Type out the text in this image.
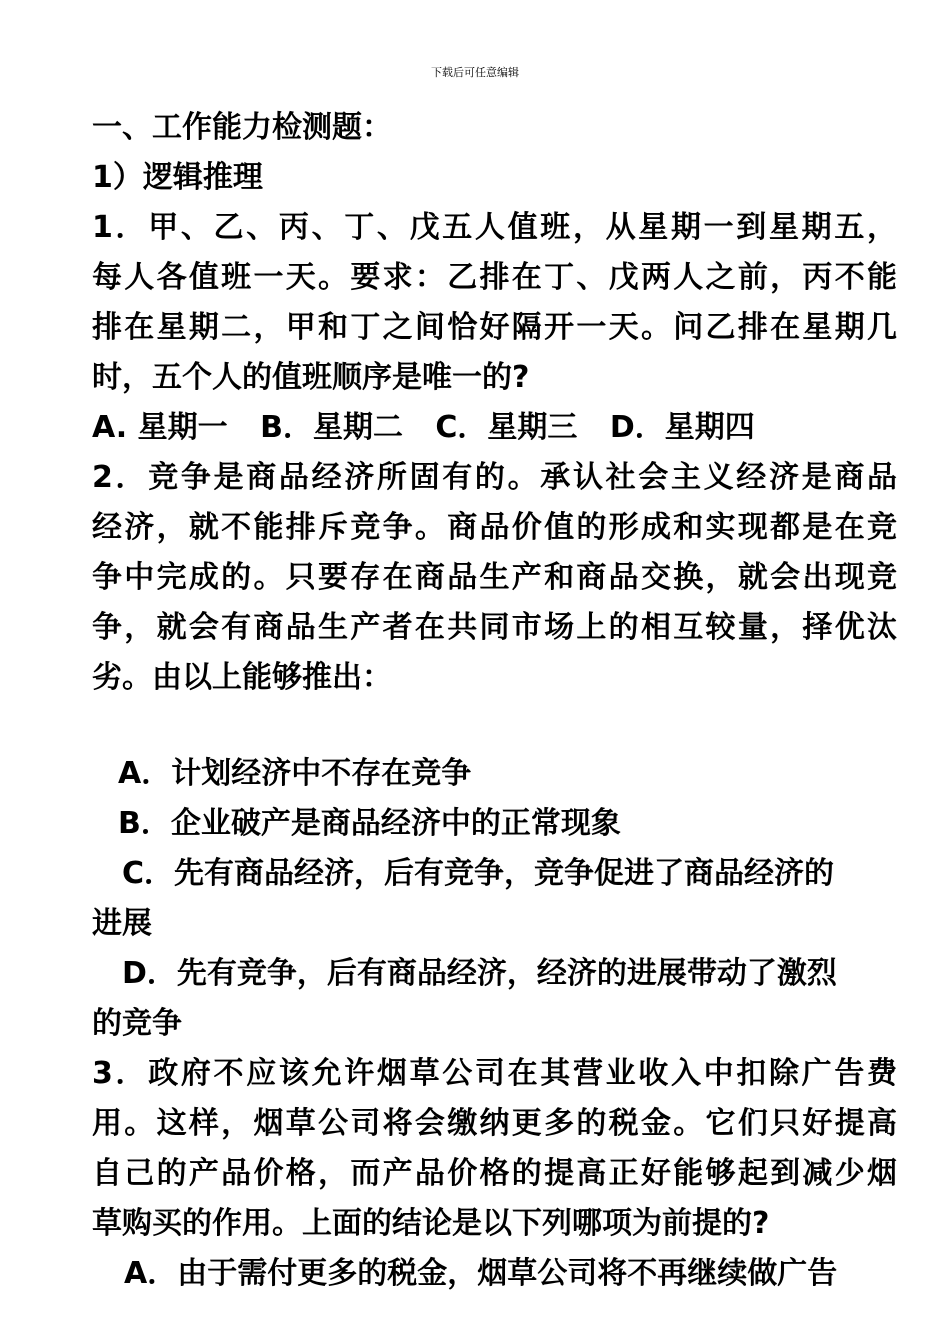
下载后可任意编辑
一、工作能力检测题：
1）逻辑推理
1．甲、乙、丙、丁、戊五人值班，从星期一到星期五，
每人各值班一天。要求：乙排在丁、戊两人之前，丙不能
排在星期二，甲和丁之间恰好隔开一天。问乙排在星期几
时，五个人的值班顺序是唯一的?
A. 星期一 B．星期二 C．星期三 D．星期四
2．竞争是商品经济所固有的。承认社会主义经济是商品
经济，就不能排斥竞争。商品价值的形成和实现都是在竞
争中完成的。只要存在商品生产和商品交换，就会出现竞
争，就会有商品生产者在共同市场上的相互较量，择优汰
劣。由以上能够推出：
A．计划经济中不存在竞争
B．企业破产是商品经济中的正常现象
C．先有商品经济，后有竞争，竞争促进了商品经济的
进展
D．先有竞争，后有商品经济，经济的进展带动了激烈
的竞争
3．政府不应该允许烟草公司在其营业收入中扣除广告费
用。这样，烟草公司将会缴纳更多的税金。它们只好提高
自己的产品价格，而产品价格的提高正好能够起到减少烟
草购买的作用。上面的结论是以下列哪项为前提的?
A．由于需付更多的税金，烟草公司将不再继续做广告
